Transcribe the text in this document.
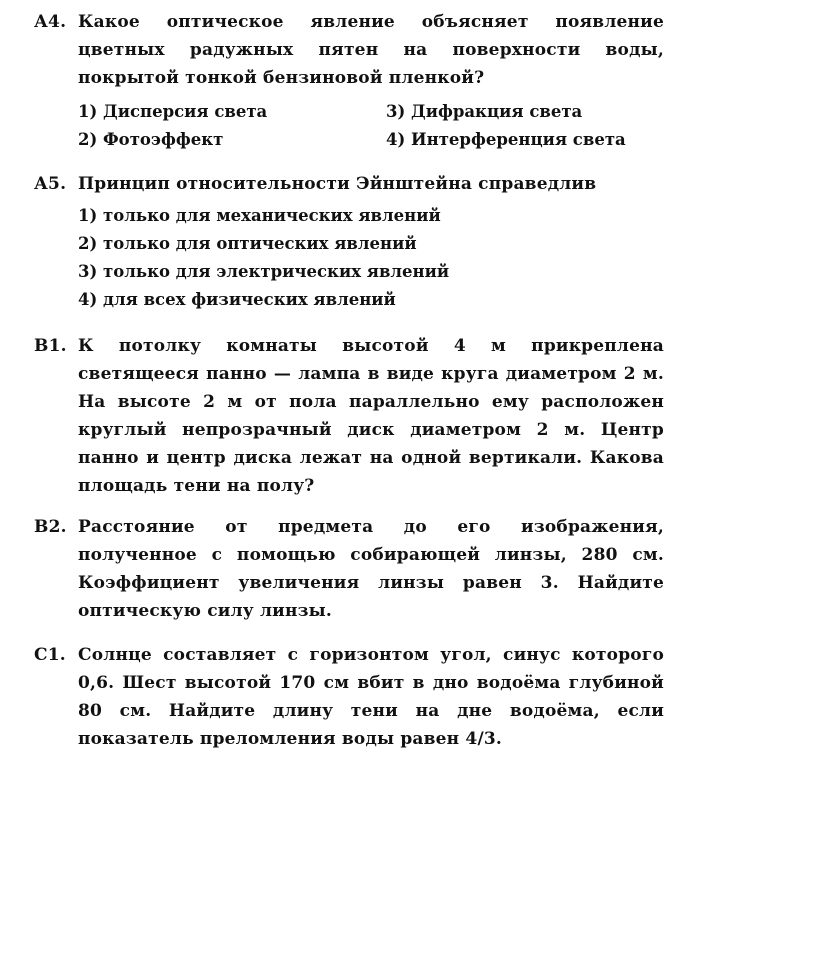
А4. Какое оптическое явление объясняет появление цветных радужных пятен на поверхности воды, покрытой тонкой бензиновой пленкой?
1) Дисперсия света	3) Дифракция света
2) Фотоэффект	4) Интерференция света
А5. Принцип относительности Эйнштейна справедлив
1) только для механических явлений
2) только для оптических явлений
3) только для электрических явлений
4) для всех физических явлений
В1. К потолку комнаты высотой 4 м прикреплена светящееся панно — лампа в виде круга диаметром 2 м. На высоте 2 м от пола параллельно ему расположен круглый непрозрачный диск диаметром 2 м. Центр панно и центр диска лежат на одной вертикали. Какова площадь тени на полу?
В2. Расстояние от предмета до его изображения, полученное с помощью собирающей линзы, 280 см. Коэффициент увеличения линзы равен 3. Найдите оптическую силу линзы.
С1. Солнце составляет с горизонтом угол, синус которого 0,6. Шест высотой 170 см вбит в дно водоёма глубиной 80 см. Найдите длину тени на дне водоёма, если показатель преломления воды равен 4/3.
